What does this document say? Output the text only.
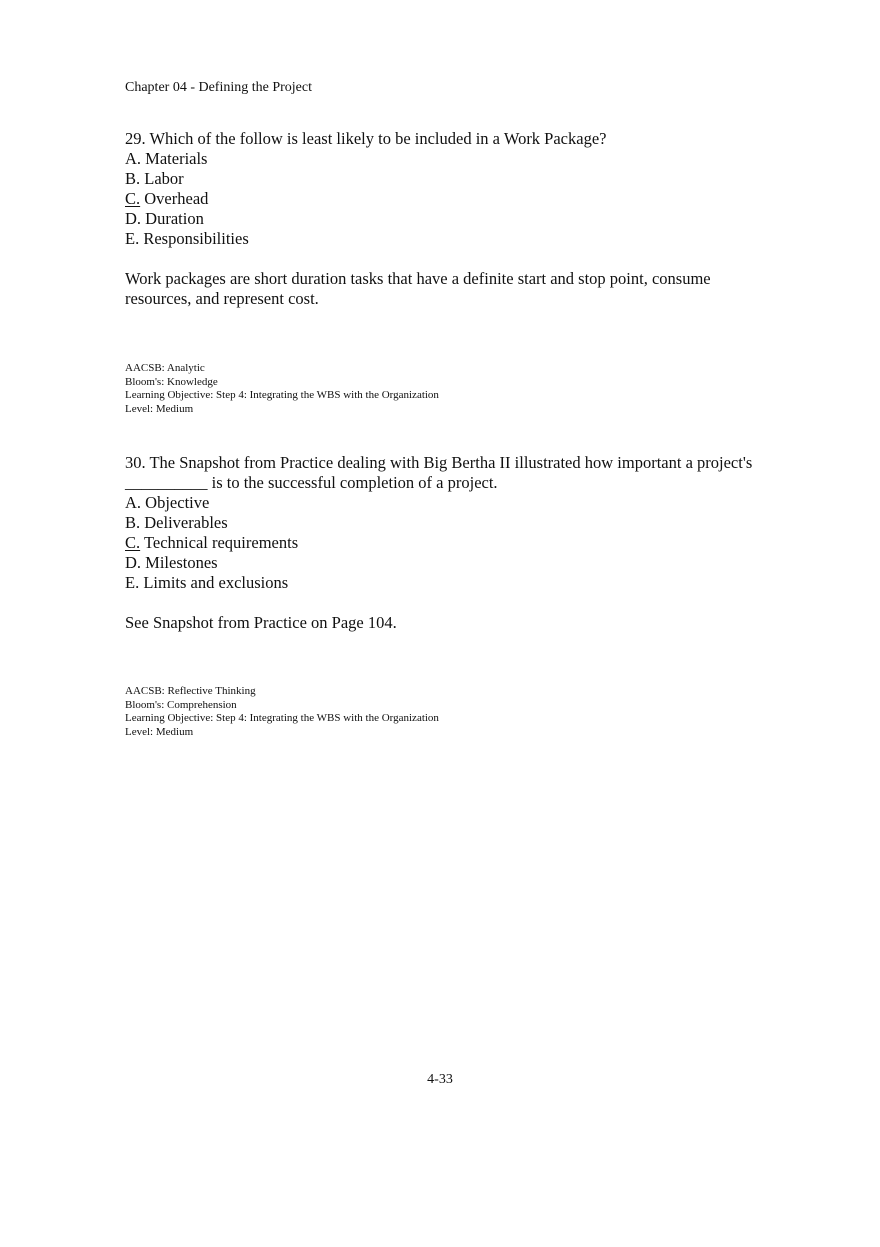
Chapter 04 - Defining the Project
29. Which of the follow is least likely to be included in a Work Package?
A. Materials
B. Labor
C. Overhead
D. Duration
E. Responsibilities
Work packages are short duration tasks that have a definite start and stop point, consume resources, and represent cost.
AACSB: Analytic
Bloom's: Knowledge
Learning Objective: Step 4: Integrating the WBS with the Organization
Level: Medium
30. The Snapshot from Practice dealing with Big Bertha II illustrated how important a project's __________ is to the successful completion of a project.
A. Objective
B. Deliverables
C. Technical requirements
D. Milestones
E. Limits and exclusions
See Snapshot from Practice on Page 104.
AACSB: Reflective Thinking
Bloom's: Comprehension
Learning Objective: Step 4: Integrating the WBS with the Organization
Level: Medium
4-33
